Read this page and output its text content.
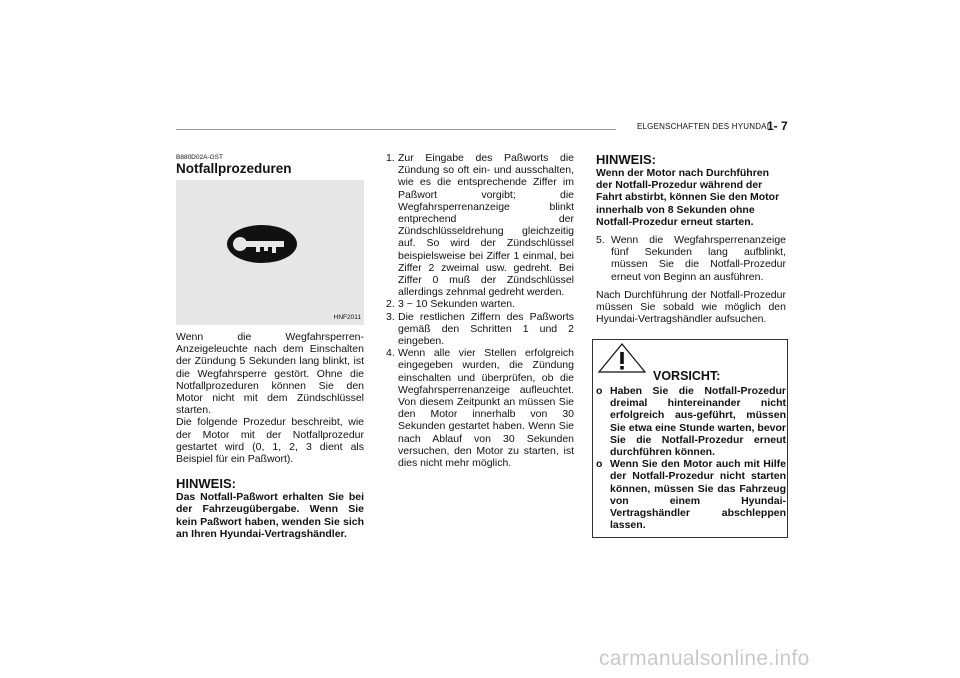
ELGENSCHAFTEN DES HYUNDAI
1- 7
B880D02A-GST
Notfallprozeduren
HNF2011

Wenn die Wegfahrsperren-Anzeigeleuchte nach dem Einschalten der Zündung 5 Sekunden lang blinkt, ist die Wegfahrsperre gestört. Ohne die Notfallprozeduren können Sie den Motor nicht mit dem Zündschlüssel starten.

Die folgende Prozedur beschreibt, wie der Motor mit der Notfallprozedur gestartet wird (0, 1, 2, 3 dient als Beispiel für ein Paßwort).

HINWEIS:

Das Notfall-Paßwort erhalten Sie bei der Fahrzeugübergabe. Wenn Sie kein Paßwort haben, wenden Sie sich an Ihren Hyundai-Vertragshändler.

1. Zur Eingabe des Paßworts die Zündung so oft ein- und ausschalten, wie es die entsprechende Ziffer im Paßwort vorgibt; die Wegfahrsperrenanzeige blinkt entprechend der Zündschlüsseldrehung gleichzeitig auf. So wird der Zündschlüssel beispielsweise bei Ziffer 1 einmal, bei Ziffer 2 zweimal usw. gedreht. Bei Ziffer 0 muß der Zündschlüssel allerdings zehnmal gedreht werden.
2. 3 ~ 10 Sekunden warten.
3. Die restlichen Ziffern des Paßworts gemäß den Schritten 1 und 2 eingeben.
4. Wenn alle vier Stellen erfolgreich eingegeben wurden, die Zündung einschalten und überprüfen, ob die Wegfahrsperrenanzeige aufleuchtet. Von diesem Zeitpunkt an müssen Sie den Motor innerhalb von 30 Sekunden gestartet haben. Wenn Sie nach Ablauf von 30 Sekunden versuchen, den Motor zu starten, ist dies nicht mehr möglich.
HINWEIS:

Wenn der Motor nach Durchführen der Notfall-Prozedur während der Fahrt abstirbt, können Sie den Motor innerhalb von 8 Sekunden ohne Notfall-Prozedur erneut starten.

5. Wenn die Wegfahrsperrenanzeige fünf Sekunden lang aufblinkt, müssen Sie die Notfall-Prozedur erneut von Beginn an ausführen.

Nach Durchführung der Notfall-Prozedur müssen Sie sobald wie möglich den Hyundai-Vertragshändler aufsuchen.

VORSICHT:
o Haben Sie die Notfall-Prozedur dreimal hintereinander nicht erfolgreich aus-geführt, müssen Sie etwa eine Stunde warten, bevor Sie die Notfall-Prozedur erneut durchführen können.
o Wenn Sie den Motor auch mit Hilfe der Notfall-Prozedur nicht starten können, müssen Sie das Fahrzeug von einem Hyundai-Vertragshändler abschleppen lassen.
carmanualsonline.info
